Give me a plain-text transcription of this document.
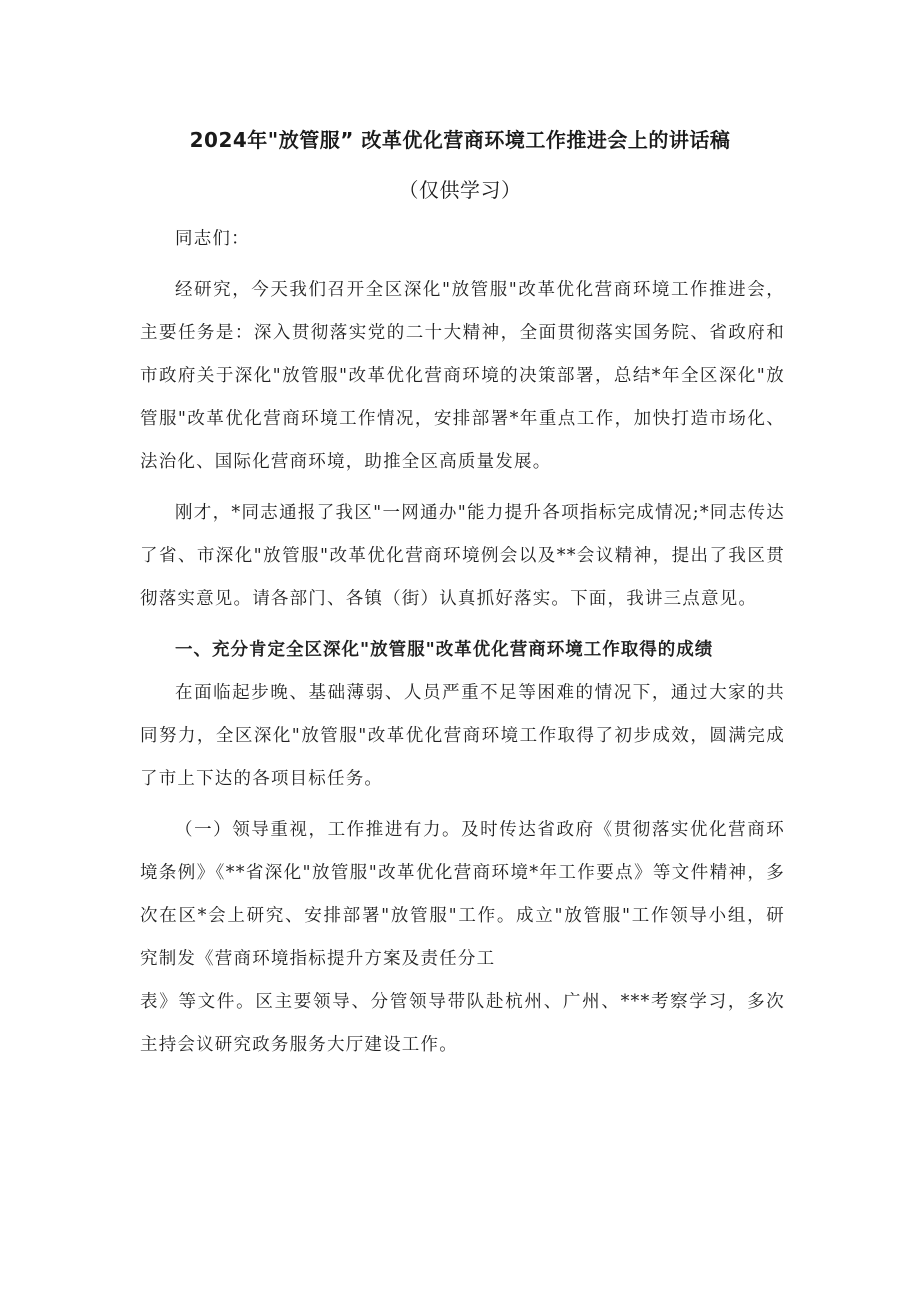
2024年"放管服” 改革优化营商环境工作推进会上的讲话稿
（仅供学习）

同志们：

经研究，今天我们召开全区深化"放管服"改革优化营商环境工作推进会，主要任务是：深入贯彻落实党的二十大精神，全面贯彻落实国务院、省政府和市政府关于深化"放管服"改革优化营商环境的决策部署，总结*年全区深化"放管服"改革优化营商环境工作情况，安排部署*年重点工作，加快打造市场化、法治化、国际化营商环境，助推全区高质量发展。

刚才，*同志通报了我区"一网通办"能力提升各项指标完成情况;*同志传达了省、市深化"放管服"改革优化营商环境例会以及**会议精神，提出了我区贯彻落实意见。请各部门、各镇（街）认真抓好落实。下面，我讲三点意见。

一、充分肯定全区深化"放管服"改革优化营商环境工作取得的成绩

在面临起步晚、基础薄弱、人员严重不足等困难的情况下，通过大家的共同努力，全区深化"放管服"改革优化营商环境工作取得了初步成效，圆满完成了市上下达的各项目标任务。

（一）领导重视，工作推进有力。及时传达省政府《贯彻落实优化营商环境条例》《**省深化"放管服"改革优化营商环境*年工作要点》等文件精神，多次在区*会上研究、安排部署"放管服"工作。成立"放管服"工作领导小组，研究制发《营商环境指标提升方案及责任分工

表》等文件。区主要领导、分管领导带队赴杭州、广州、***考察学习，多次主持会议研究政务服务大厅建设工作。
